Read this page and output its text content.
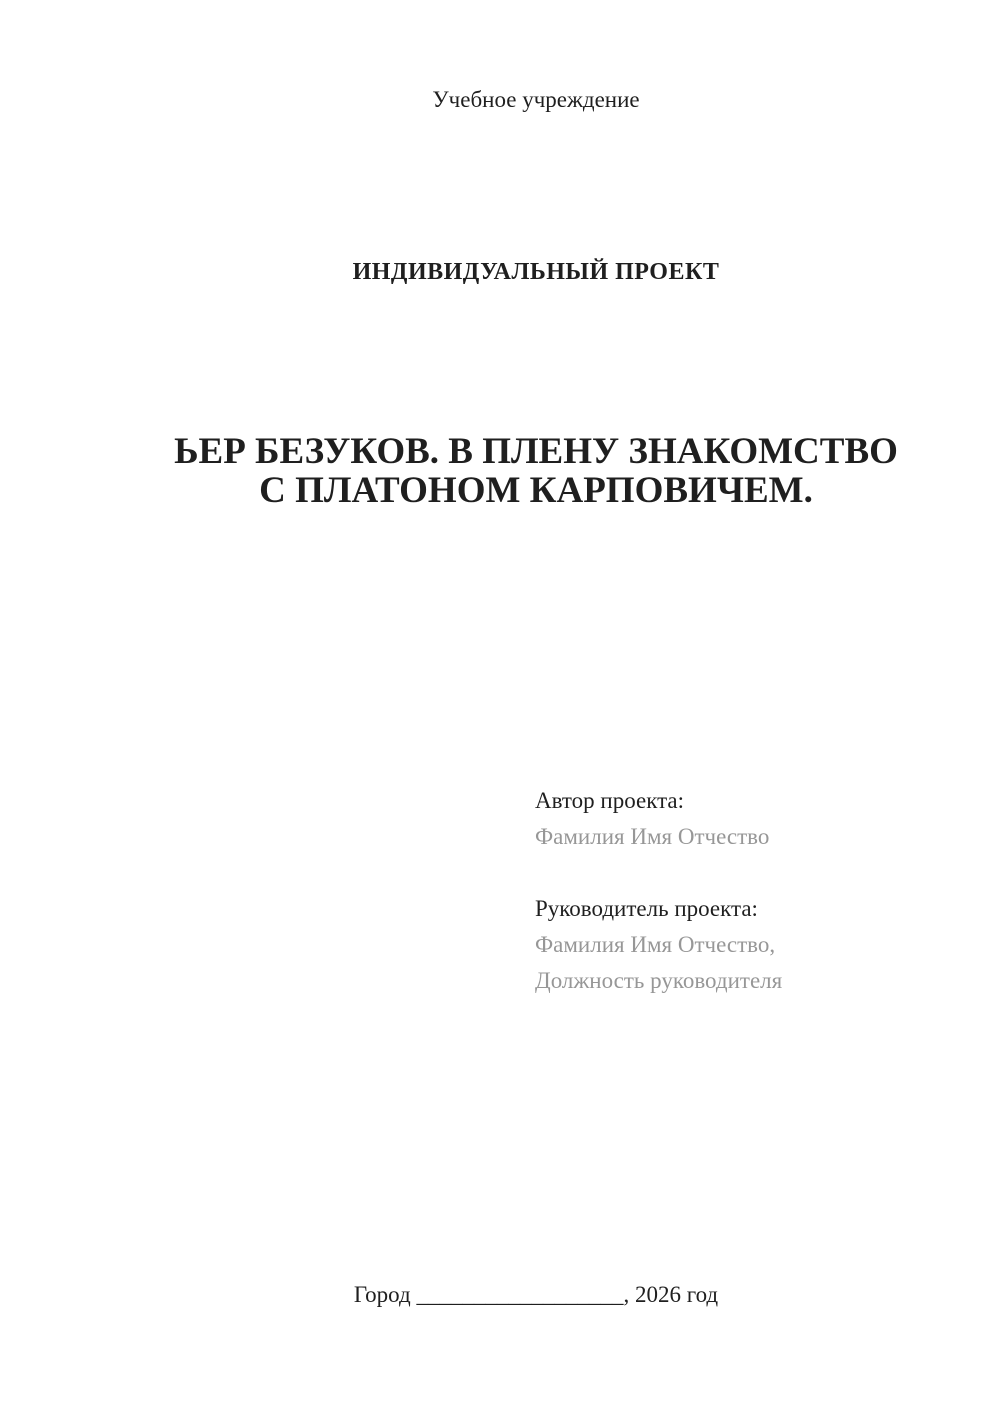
Учебное учреждение
ИНДИВИДУАЛЬНЫЙ ПРОЕКТ
ЬЕР БЕЗУКОВ. В ПЛЕНУ ЗНАКОМСТВО
С ПЛАТОНОМ КАРПОВИЧЕМ.
Автор проекта:
Фамилия Имя Отчество
Руководитель проекта:
Фамилия Имя Отчество,
Должность руководителя
Город __________________, 2026 год
